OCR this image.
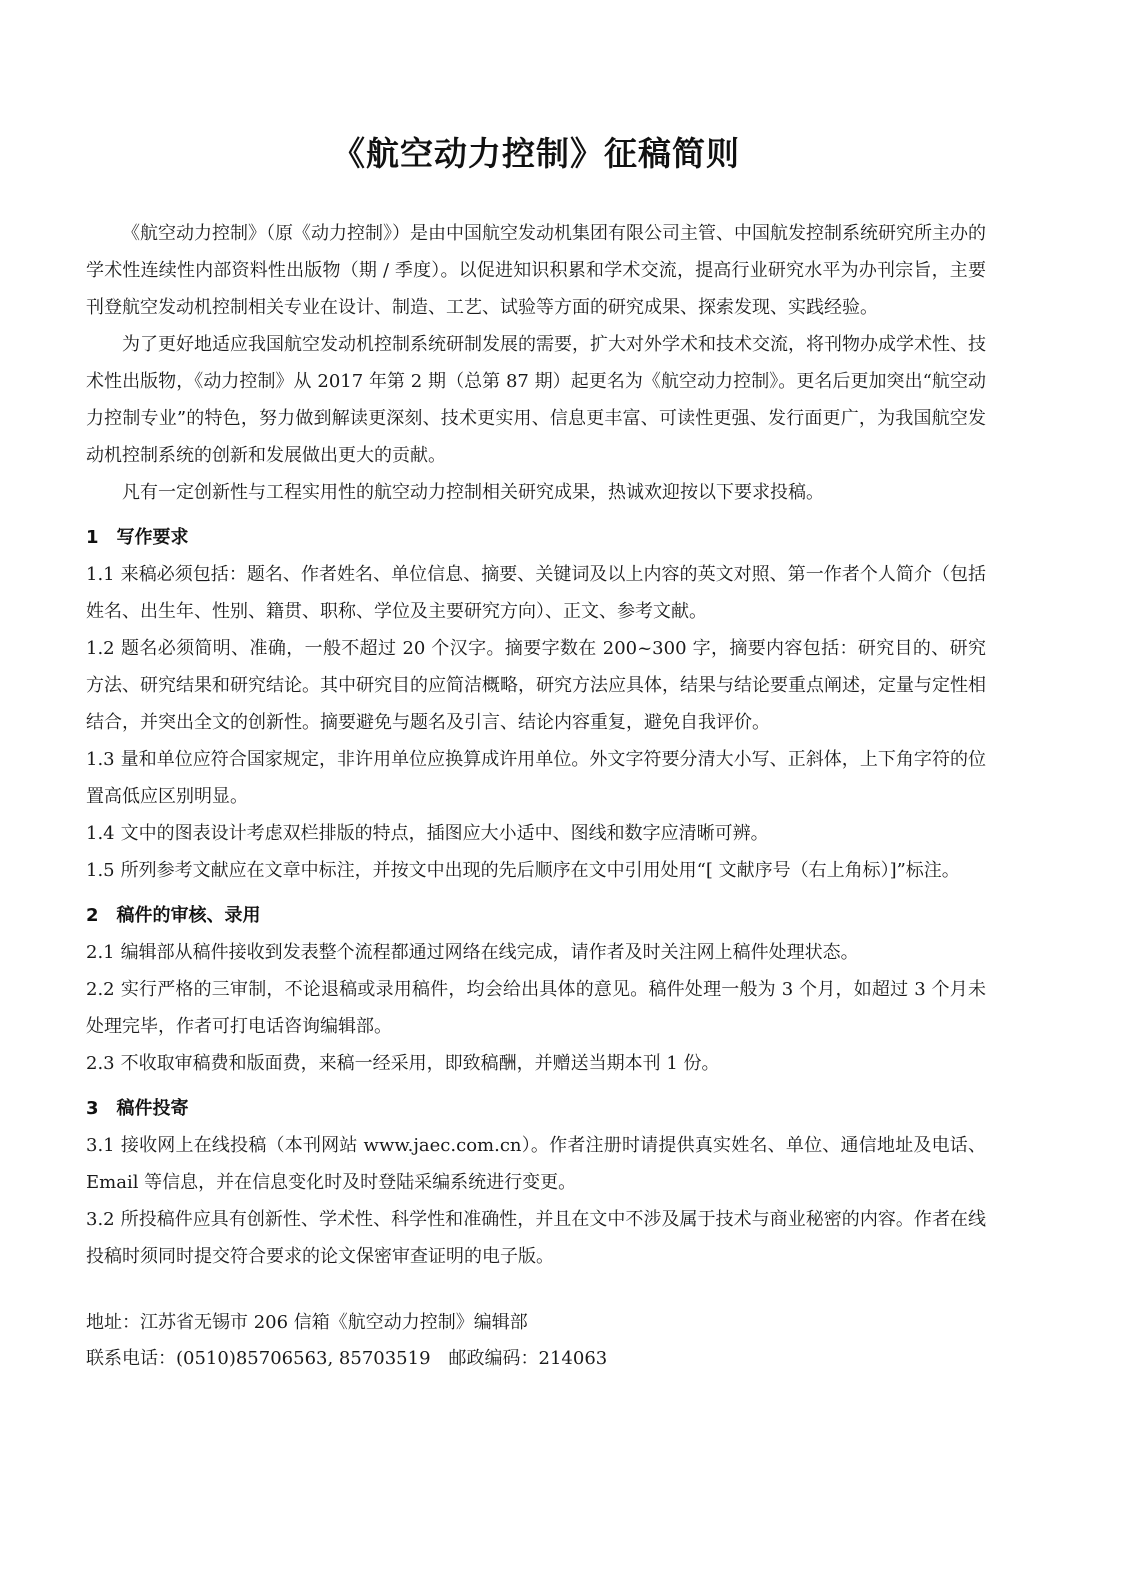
《航空动力控制》征稿简则

《航空动力控制》（原《动力控制》）是由中国航空发动机集团有限公司主管、中国航发控制系统研究所主办的学术性连续性内部资料性出版物（期 / 季度）。以促进知识积累和学术交流，提高行业研究水平为办刊宗旨，主要刊登航空发动机控制相关专业在设计、制造、工艺、试验等方面的研究成果、探索发现、实践经验。

为了更好地适应我国航空发动机控制系统研制发展的需要，扩大对外学术和技术交流，将刊物办成学术性、技术性出版物，《动力控制》从 2017 年第 2 期（总第 87 期）起更名为《航空动力控制》。更名后更加突出“航空动力控制专业”的特色，努力做到解读更深刻、技术更实用、信息更丰富、可读性更强、发行面更广，为我国航空发动机控制系统的创新和发展做出更大的贡献。

凡有一定创新性与工程实用性的航空动力控制相关研究成果，热诚欢迎按以下要求投稿。

1　 写作要求

1.1 来稿必须包括：题名、作者姓名、单位信息、摘要、关键词及以上内容的英文对照、第一作者个人简介（包括姓名、出生年、性别、籍贯、职称、学位及主要研究方向）、正文、参考文献。

1.2 题名必须简明、准确，一般不超过 20 个汉字。摘要字数在 200~300 字，摘要内容包括：研究目的、研究方法、研究结果和研究结论。其中研究目的应简洁概略，研究方法应具体，结果与结论要重点阐述，定量与定性相结合，并突出全文的创新性。摘要避免与题名及引言、结论内容重复，避免自我评价。

1.3 量和单位应符合国家规定，非许用单位应换算成许用单位。外文字符要分清大小写、正斜体，上下角字符的位置高低应区别明显。

1.4 文中的图表设计考虑双栏排版的特点，插图应大小适中、图线和数字应清晰可辨。

1.5 所列参考文献应在文章中标注，并按文中出现的先后顺序在文中引用处用“[ 文献序号（右上角标）]”标注。

2　 稿件的审核、录用

2.1 编辑部从稿件接收到发表整个流程都通过网络在线完成，请作者及时关注网上稿件处理状态。

2.2 实行严格的三审制，不论退稿或录用稿件，均会给出具体的意见。稿件处理一般为 3 个月，如超过 3 个月未处理完毕，作者可打电话咨询编辑部。

2.3 不收取审稿费和版面费，来稿一经采用，即致稿酬，并赠送当期本刊 1 份。

3　 稿件投寄

3.1 接收网上在线投稿（本刊网站 www.jaec.com.cn）。作者注册时请提供真实姓名、单位、通信地址及电话、Email 等信息，并在信息变化时及时登陆采编系统进行变更。

3.2 所投稿件应具有创新性、学术性、科学性和准确性，并且在文中不涉及属于技术与商业秘密的内容。作者在线投稿时须同时提交符合要求的论文保密审查证明的电子版。

地址：江苏省无锡市 206 信箱《航空动力控制》编辑部

联系电话：(0510)85706563, 85703519　邮政编码：214063
